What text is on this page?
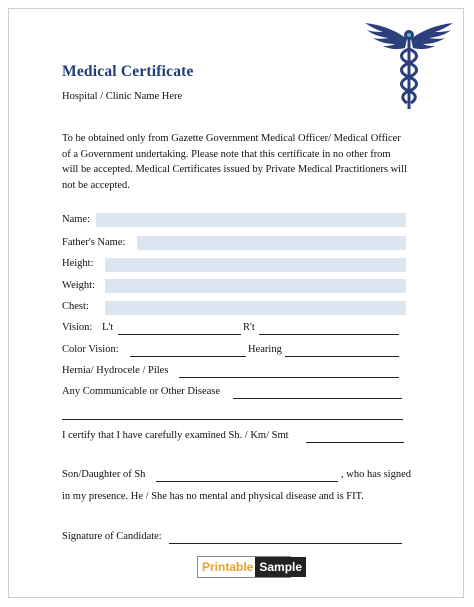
Medical Certificate
Hospital / Clinic Name Here
To be obtained only from Gazette Government Medical Officer/ Medical Officer of a Government undertaking. Please note that this certificate in no other from will be accepted. Medical Certificates issued by Private Medical Practitioners will not be accepted.
Name:
Father's Name:
Height:
Weight:
Chest:
Vision: L't	R't
Color Vision:	Hearing
Hernia/ Hydrocele / Piles
Any Communicable or Other Disease
I certify that I have carefully examined Sh. / Km/ Smt
Son/Daughter of Sh	, who has signed
in my presence. He / She has no mental and physical disease and is FIT.
Signature of Candidate:
Printable Sample
